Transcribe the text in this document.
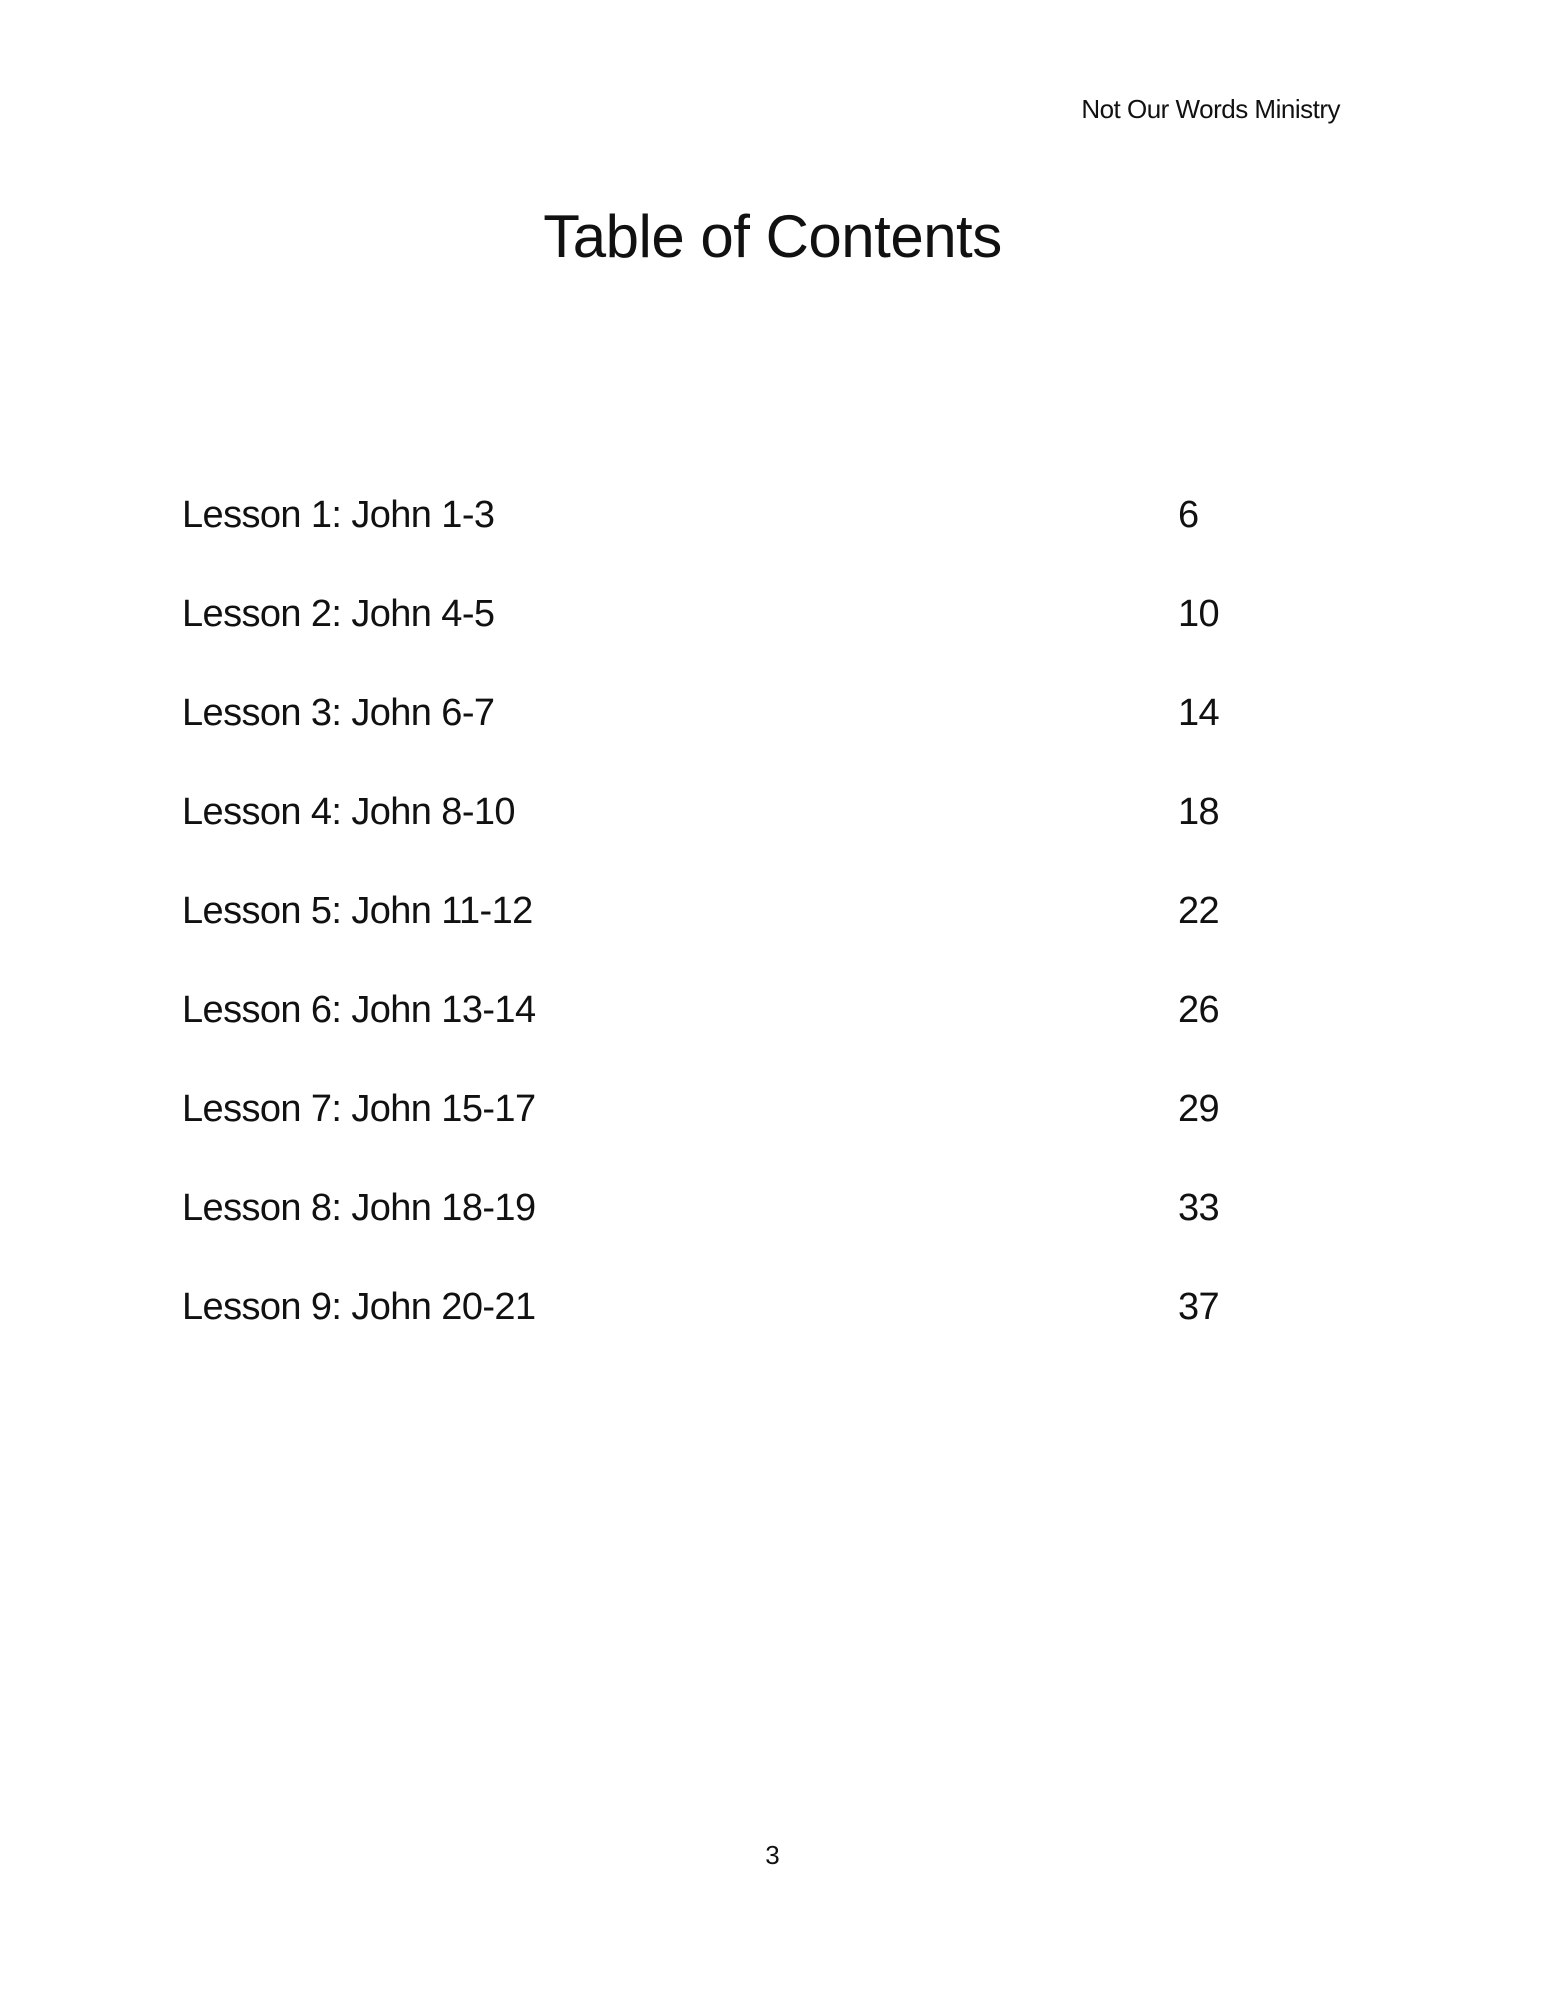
Not Our Words Ministry
Table of Contents
Lesson 1: John 1-3	6
Lesson 2: John 4-5	10
Lesson 3: John 6-7	14
Lesson 4: John 8-10	18
Lesson 5: John 11-12	22
Lesson 6: John 13-14	26
Lesson 7: John 15-17	29
Lesson 8: John 18-19	33
Lesson 9: John 20-21	37
3
